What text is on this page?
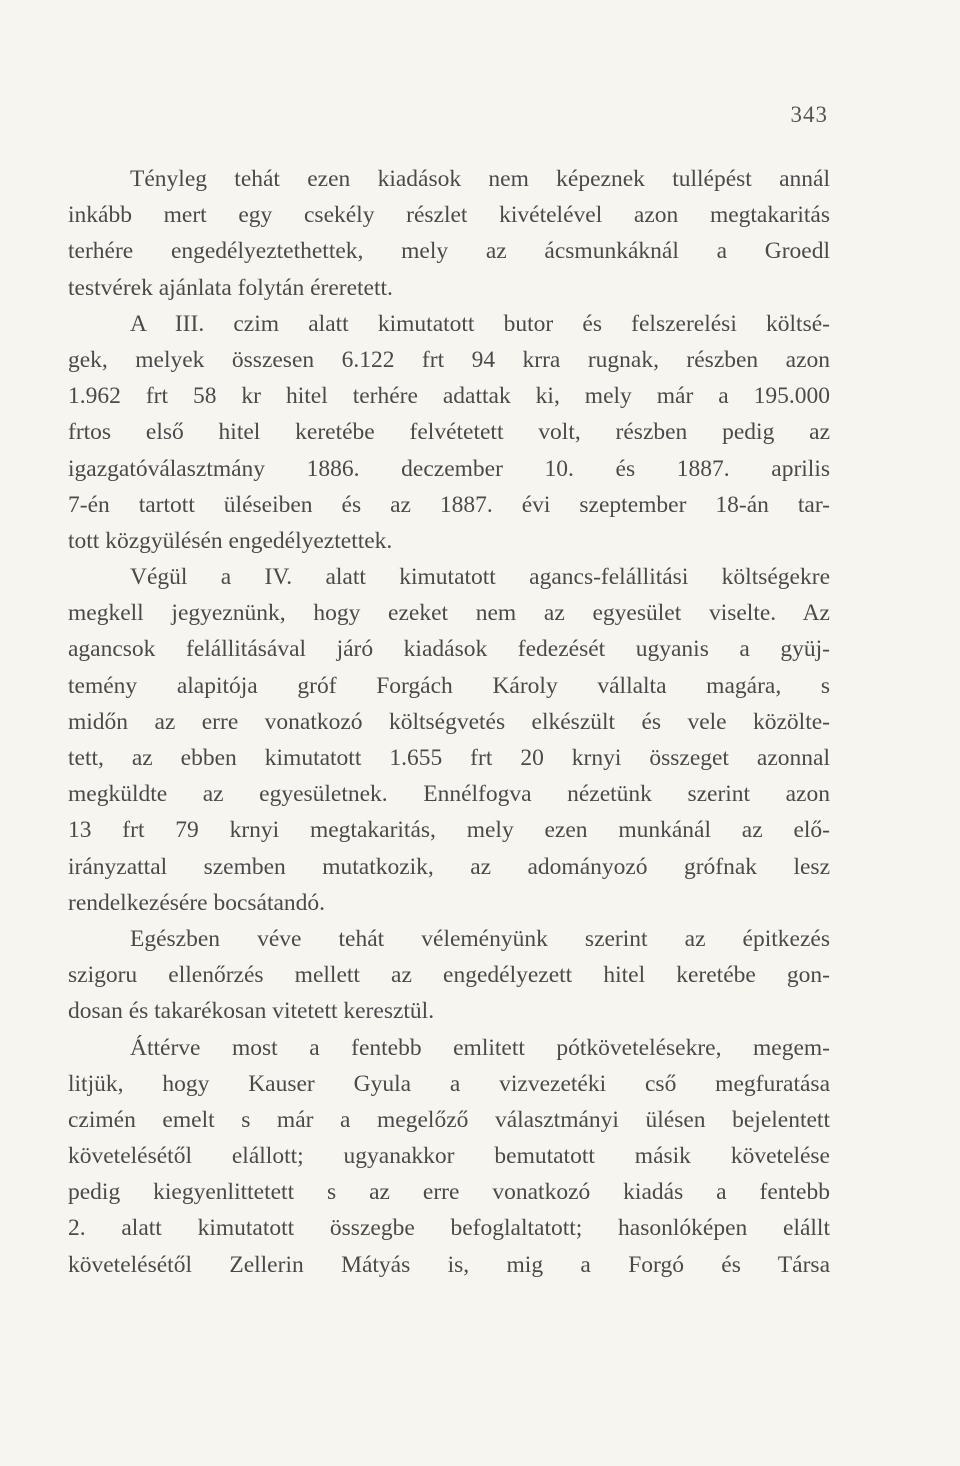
343
Tényleg tehát ezen kiadások nem képeznek tullépést annál
inkább mert egy csekély részlet kivételével azon megtakaritás
terhére engedélyeztethettek, mely az ácsmunkáknál a Groedl
testvérek ajánlata folytán éreretett.
A III. czim alatt kimutatott butor és felszerelési költsé-
gek, melyek összesen 6.122 frt 94 krra rugnak, részben azon
1.962 frt 58 kr hitel terhére adattak ki, mely már a 195.000
frtos első hitel keretébe felvétetett volt, részben pedig az
igazgatóválasztmány 1886. deczember 10. és 1887. aprilis
7-én tartott üléseiben és az 1887. évi szeptember 18-án tar-
tott közgyülésén engedélyeztettek.
Végül a IV. alatt kimutatott agancs-felállitási költségekre
megkell jegyeznünk, hogy ezeket nem az egyesület viselte. Az
agancsok felállitásával járó kiadások fedezését ugyanis a gyüj-
temény alapitója gróf Forgách Károly vállalta magára, s
midőn az erre vonatkozó költségvetés elkészült és vele közölte-
tett, az ebben kimutatott 1.655 frt 20 krnyi összeget azonnal
megküldte az egyesületnek. Ennélfogva nézetünk szerint azon
13 frt 79 krnyi megtakaritás, mely ezen munkánál az elő-
irányzattal szemben mutatkozik, az adományozó grófnak lesz
rendelkezésére bocsátandó.
Egészben véve tehát véleményünk szerint az épitkezés
szigoru ellenőrzés mellett az engedélyezett hitel keretébe gon-
dosan és takarékosan vitetett keresztül.
Áttérve most a fentebb emlitett pótkövetelésekre, megem-
litjük, hogy Kauser Gyula a vizvezetéki cső megfuratása
czimén emelt s már a megelőző választmányi ülésen bejelentett
követelésétől elállott; ugyanakkor bemutatott másik követelése
pedig kiegyenlittetett s az erre vonatkozó kiadás a fentebb
2. alatt kimutatott összegbe befoglaltatott; hasonlóképen elállt
követelésétől Zellerin Mátyás is, mig a Forgó és Társa
